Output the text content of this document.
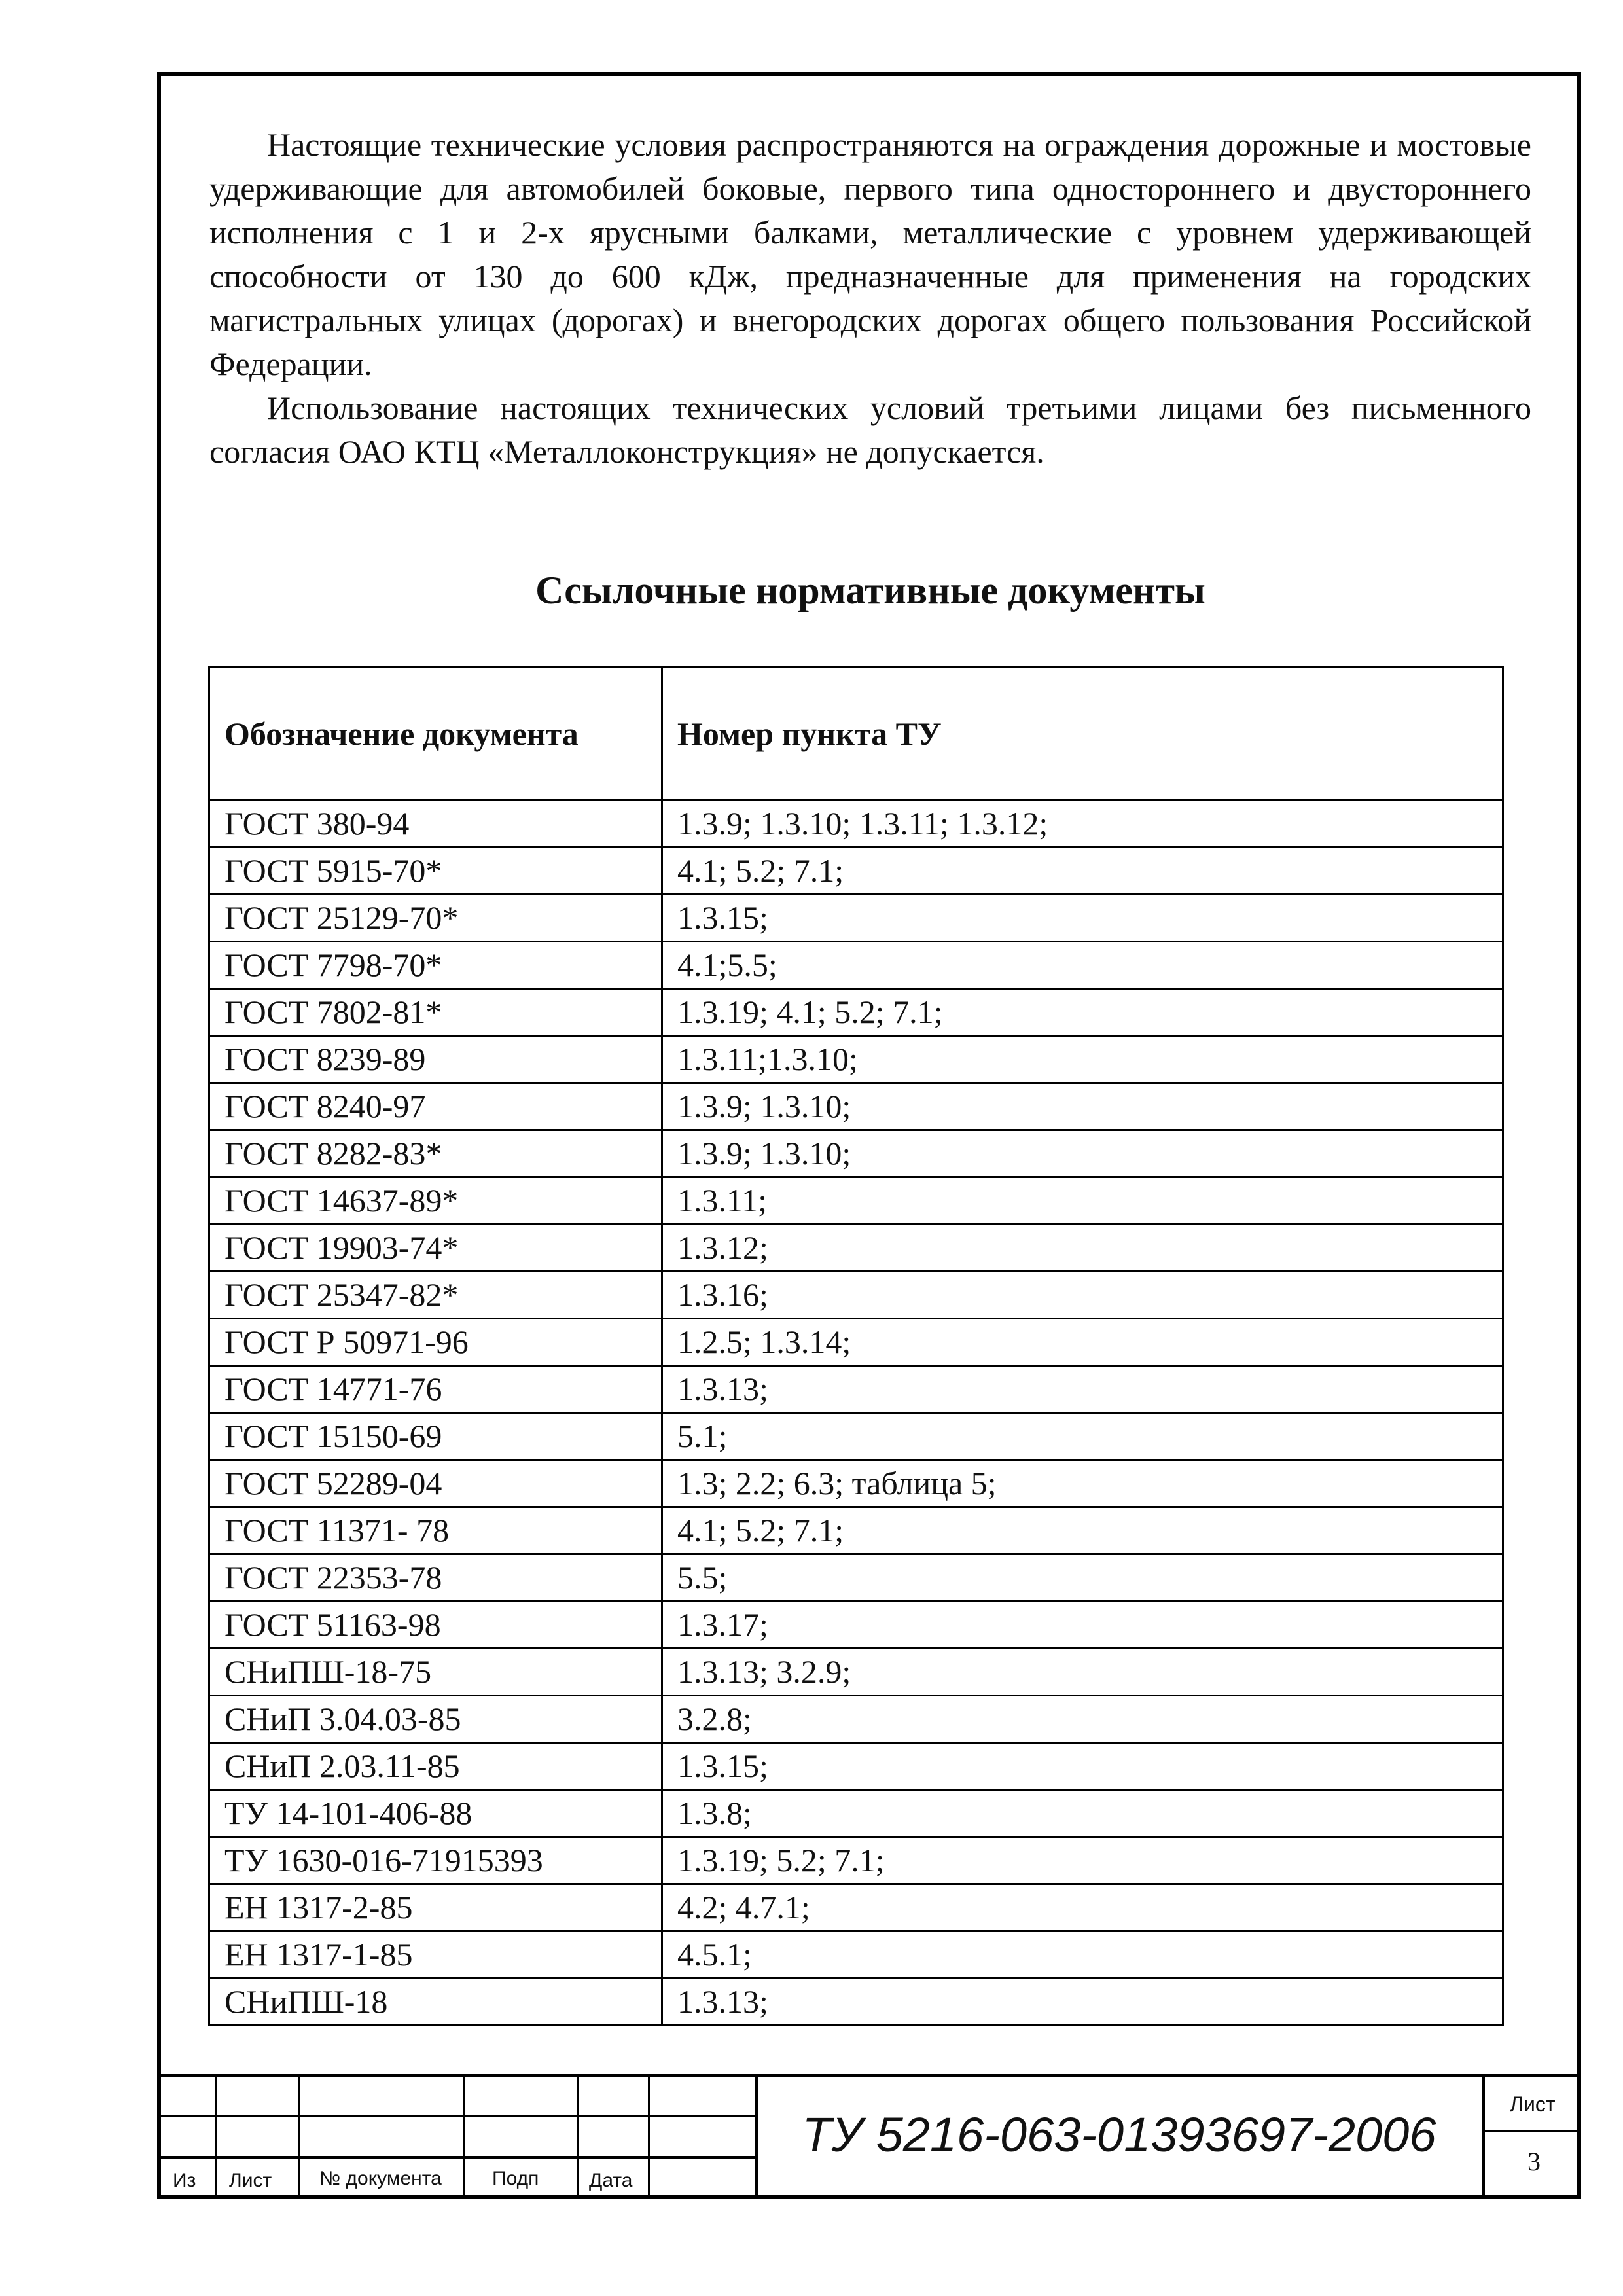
Настоящие технические условия распространяются на ограждения дорожные и мостовые удерживающие для автомобилей боковые, первого типа одностороннего и двустороннего исполнения с 1 и 2-х ярусными балками, металлические с уровнем удерживающей способности от 130 до 600 кДж, предназначенные для применения на городских магистральных улицах (дорогах) и внегородских дорогах общего пользования Российской Федерации.

Использование настоящих технических условий третьими лицами без письменного согласия ОАО КТЦ «Металлоконструкция» не допускается.

Ссылочные нормативные документы
Обозначение документа	Номер пункта ТУ
ГОСТ 380-94	1.3.9; 1.3.10; 1.3.11; 1.3.12;
ГОСТ 5915-70*	4.1; 5.2; 7.1;
ГОСТ 25129-70*	1.3.15;
ГОСТ 7798-70*	4.1;5.5;
ГОСТ 7802-81*	1.3.19; 4.1; 5.2; 7.1;
ГОСТ 8239-89	1.3.11;1.3.10;
ГОСТ 8240-97	1.3.9; 1.3.10;
ГОСТ 8282-83*	1.3.9; 1.3.10;
ГОСТ 14637-89*	1.3.11;
ГОСТ 19903-74*	1.3.12;
ГОСТ 25347-82*	1.3.16;
ГОСТ Р 50971-96	1.2.5; 1.3.14;
ГОСТ 14771-76	1.3.13;
ГОСТ 15150-69	5.1;
ГОСТ 52289-04	1.3; 2.2; 6.3; таблица 5;
ГОСТ 11371- 78	4.1; 5.2; 7.1;
ГОСТ 22353-78	5.5;
ГОСТ 51163-98	1.3.17;
СНиПШ-18-75	1.3.13; 3.2.9;
СНиП 3.04.03-85	3.2.8;
СНиП 2.03.11-85	1.3.15;
ТУ 14-101-406-88	1.3.8;
ТУ 1630-016-71915393	1.3.19; 5.2; 7.1;
ЕН 1317-2-85	4.2; 4.7.1;
ЕН 1317-1-85	4.5.1;
СНиПШ-18	1.3.13;
Из Лист № документа	Подп	Дата
ТУ 5216-063-01393697-2006
Лист
3
